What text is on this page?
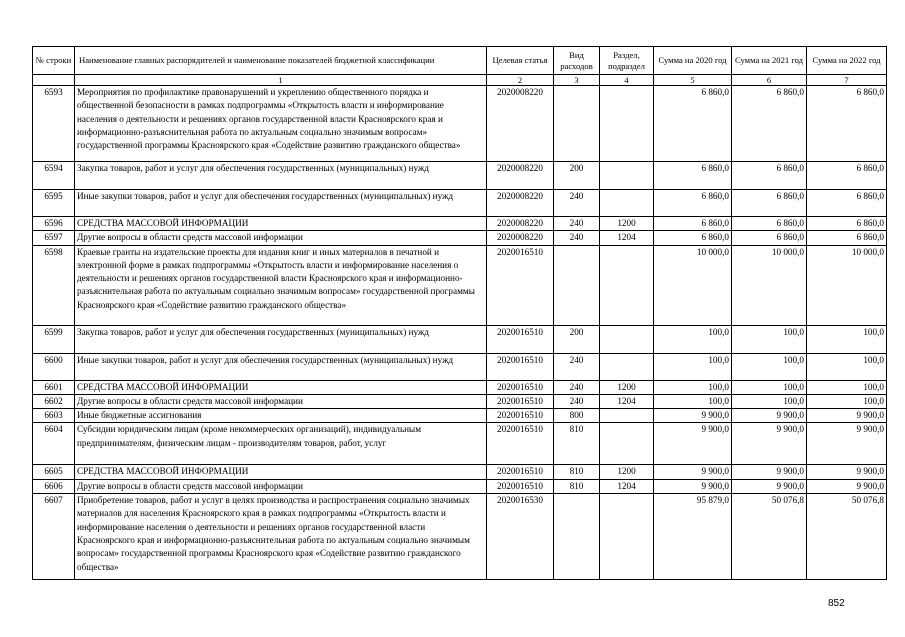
№ строки	Наименование главных распорядителей и наименование показателей бюджетной классификации	Целевая статья	Вид расходов	Раздел, подраздел	Сумма на 2020 год	Сумма на 2021 год	Сумма на 2022 год
	1	2	3	4	5	6	7
6593	Мероприятия по профилактике правонарушений и укреплению общественного порядка и общественной безопасности в рамках подпрограммы «Открытость власти и информирование населения о деятельности и решениях органов государственной власти Красноярского края и информационно-разъяснительная работа по актуальным социально значимым вопросам» государственной программы Красноярского края «Содействие развитию гражданского общества»	2020008220			6 860,0	6 860,0	6 860,0
6594	Закупка товаров, работ и услуг для обеспечения государственных (муниципальных) нужд	2020008220	200		6 860,0	6 860,0	6 860,0
6595	Иные закупки товаров, работ и услуг для обеспечения государственных (муниципальных) нужд	2020008220	240		6 860,0	6 860,0	6 860,0
6596	СРЕДСТВА МАССОВОЙ ИНФОРМАЦИИ	2020008220	240	1200	6 860,0	6 860,0	6 860,0
6597	Другие вопросы в области средств массовой информации	2020008220	240	1204	6 860,0	6 860,0	6 860,0
6598	Краевые гранты на издательские проекты для издания книг и иных материалов в печатной и электронной форме в рамках подпрограммы «Открытость власти и информирование населения о деятельности и решениях органов государственной власти Красноярского края и информационно-разъяснительная работа по актуальным социально значимым вопросам» государственной программы Красноярского края «Содействие развитию гражданского общества»	2020016510			10 000,0	10 000,0	10 000,0
6599	Закупка товаров, работ и услуг для обеспечения государственных (муниципальных) нужд	2020016510	200		100,0	100,0	100,0
6600	Иные закупки товаров, работ и услуг для обеспечения государственных (муниципальных) нужд	2020016510	240		100,0	100,0	100,0
6601	СРЕДСТВА МАССОВОЙ ИНФОРМАЦИИ	2020016510	240	1200	100,0	100,0	100,0
6602	Другие вопросы в области средств массовой информации	2020016510	240	1204	100,0	100,0	100,0
6603	Иные бюджетные ассигнования	2020016510	800		9 900,0	9 900,0	9 900,0
6604	Субсидии юридическим лицам (кроме некоммерческих организаций), индивидуальным предпринимателям, физическим лицам - производителям товаров, работ, услуг	2020016510	810		9 900,0	9 900,0	9 900,0
6605	СРЕДСТВА МАССОВОЙ ИНФОРМАЦИИ	2020016510	810	1200	9 900,0	9 900,0	9 900,0
6606	Другие вопросы в области средств массовой информации	2020016510	810	1204	9 900,0	9 900,0	9 900,0
6607	Приобретение товаров, работ и услуг в целях производства и распространения социально значимых материалов для населения Красноярского края в рамках подпрограммы «Открытость власти и информирование населения о деятельности и решениях органов государственной власти Красноярского края и информационно-разъяснительная работа по актуальным социально значимым вопросам» государственной программы Красноярского края «Содействие развитию гражданского общества»	2020016530			95 879,0	50 076,8	50 076,8
852
